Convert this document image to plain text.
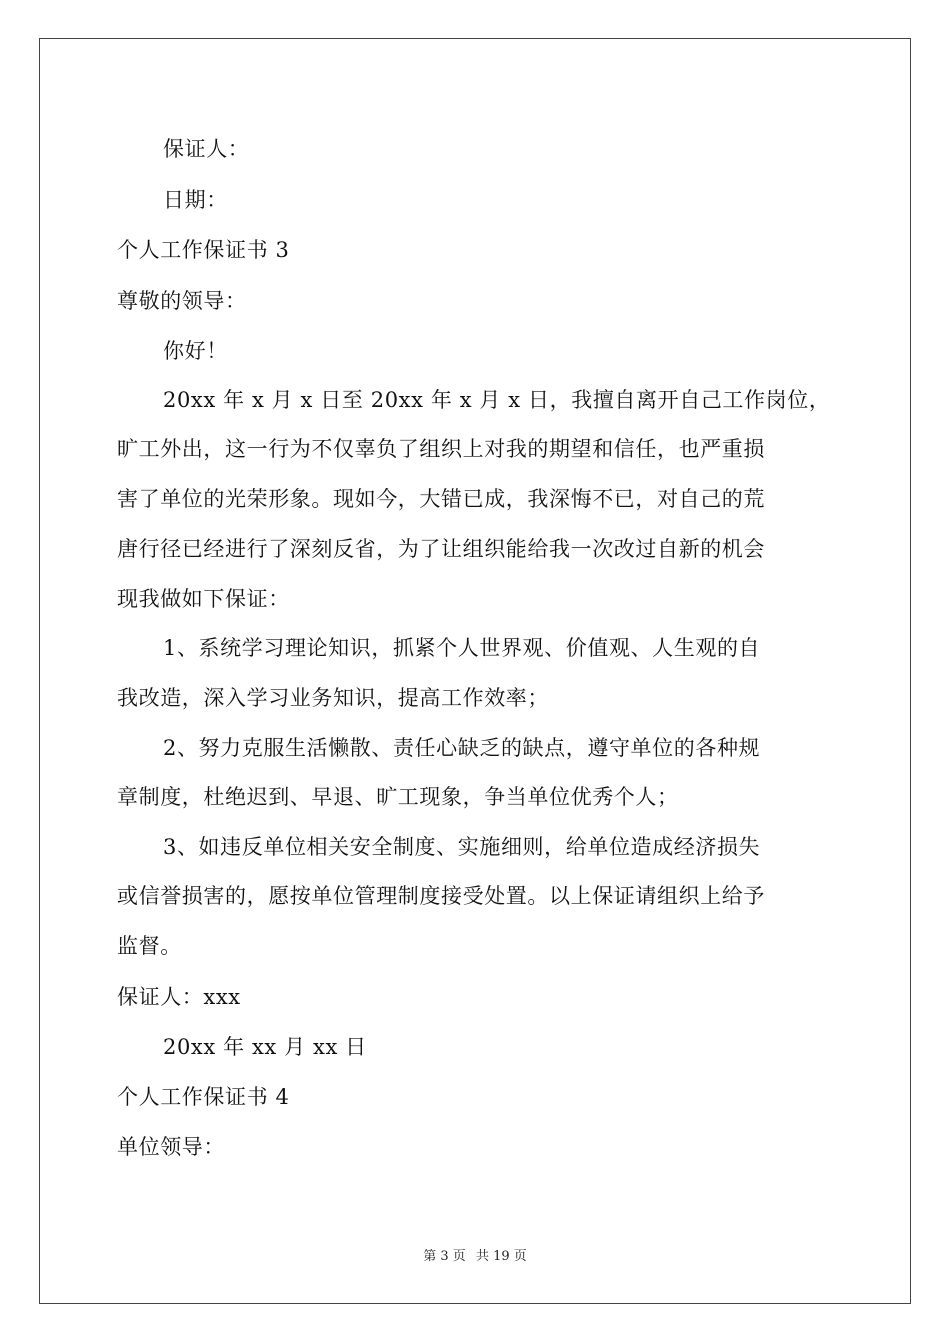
保证人：
日期：
个人工作保证书 3
尊敬的领导：
你好！
20xx 年 x 月 x 日至 20xx 年 x 月 x 日，我擅自离开自己工作岗位，
旷工外出，这一行为不仅辜负了组织上对我的期望和信任，也严重损
害了单位的光荣形象。现如今，大错已成，我深悔不已，对自己的荒
唐行径已经进行了深刻反省，为了让组织能给我一次改过自新的机会
现我做如下保证：
1、系统学习理论知识，抓紧个人世界观、价值观、人生观的自
我改造，深入学习业务知识，提高工作效率；
2、努力克服生活懒散、责任心缺乏的缺点，遵守单位的各种规
章制度，杜绝迟到、早退、旷工现象，争当单位优秀个人；
3、如违反单位相关安全制度、实施细则，给单位造成经济损失
或信誉损害的，愿按单位管理制度接受处置。以上保证请组织上给予
监督。
保证人：xxx
20xx 年 xx 月 xx 日
个人工作保证书 4
单位领导：
第 3 页 共 19 页
